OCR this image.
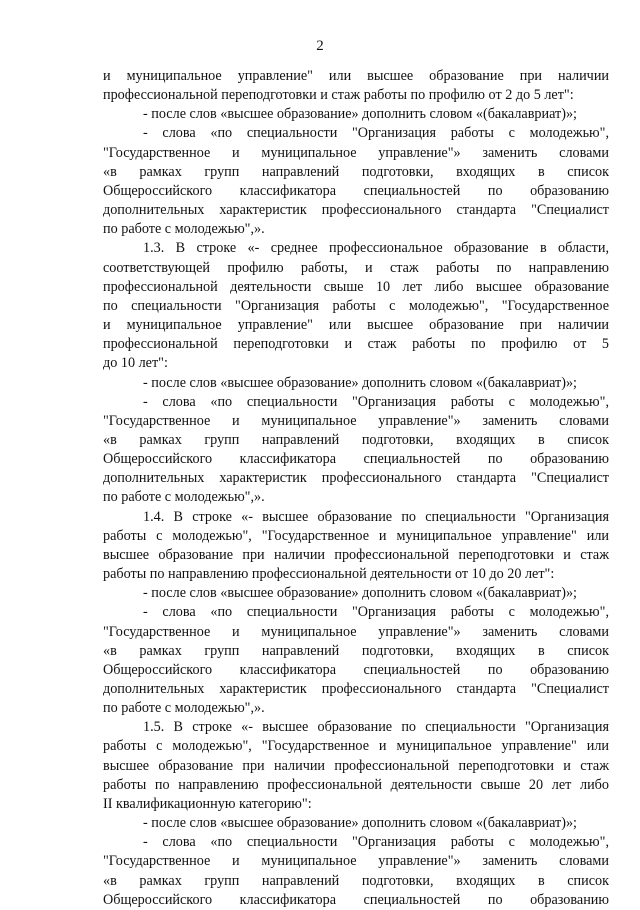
2
и муниципальное управление" или высшее образование при наличии
профессиональной переподготовки и стаж работы по профилю от 2 до 5 лет":
- после слов «высшее образование» дополнить словом «(бакалавриат)»;
- слова «по специальности "Организация работы с молодежью",
"Государственное и муниципальное управление"» заменить словами
«в рамках групп направлений подготовки, входящих в список
Общероссийского классификатора специальностей по образованию
дополнительных характеристик профессионального стандарта "Специалист
по работе с молодежью",».
1.3. В строке «- среднее профессиональное образование в области,
соответствующей профилю работы, и стаж работы по направлению
профессиональной деятельности свыше 10 лет либо высшее образование
по специальности "Организация работы с молодежью", "Государственное
и муниципальное управление" или высшее образование при наличии
профессиональной переподготовки и стаж работы по профилю от 5
до 10 лет":
- после слов «высшее образование» дополнить словом «(бакалавриат)»;
- слова «по специальности "Организация работы с молодежью",
"Государственное и муниципальное управление"» заменить словами
«в рамках групп направлений подготовки, входящих в список
Общероссийского классификатора специальностей по образованию
дополнительных характеристик профессионального стандарта "Специалист
по работе с молодежью",».
1.4. В строке «- высшее образование по специальности "Организация
работы с молодежью", "Государственное и муниципальное управление" или
высшее образование при наличии профессиональной переподготовки и стаж
работы по направлению профессиональной деятельности от 10 до 20 лет":
- после слов «высшее образование» дополнить словом «(бакалавриат)»;
- слова «по специальности "Организация работы с молодежью",
"Государственное и муниципальное управление"» заменить словами
«в рамках групп направлений подготовки, входящих в список
Общероссийского классификатора специальностей по образованию
дополнительных характеристик профессионального стандарта "Специалист
по работе с молодежью",».
1.5. В строке «- высшее образование по специальности "Организация
работы с молодежью", "Государственное и муниципальное управление" или
высшее образование при наличии профессиональной переподготовки и стаж
работы по направлению профессиональной деятельности свыше 20 лет либо
II квалификационную категорию":
- после слов «высшее образование» дополнить словом «(бакалавриат)»;
- слова «по специальности "Организация работы с молодежью",
"Государственное и муниципальное управление"» заменить словами
«в рамках групп направлений подготовки, входящих в список
Общероссийского классификатора специальностей по образованию
